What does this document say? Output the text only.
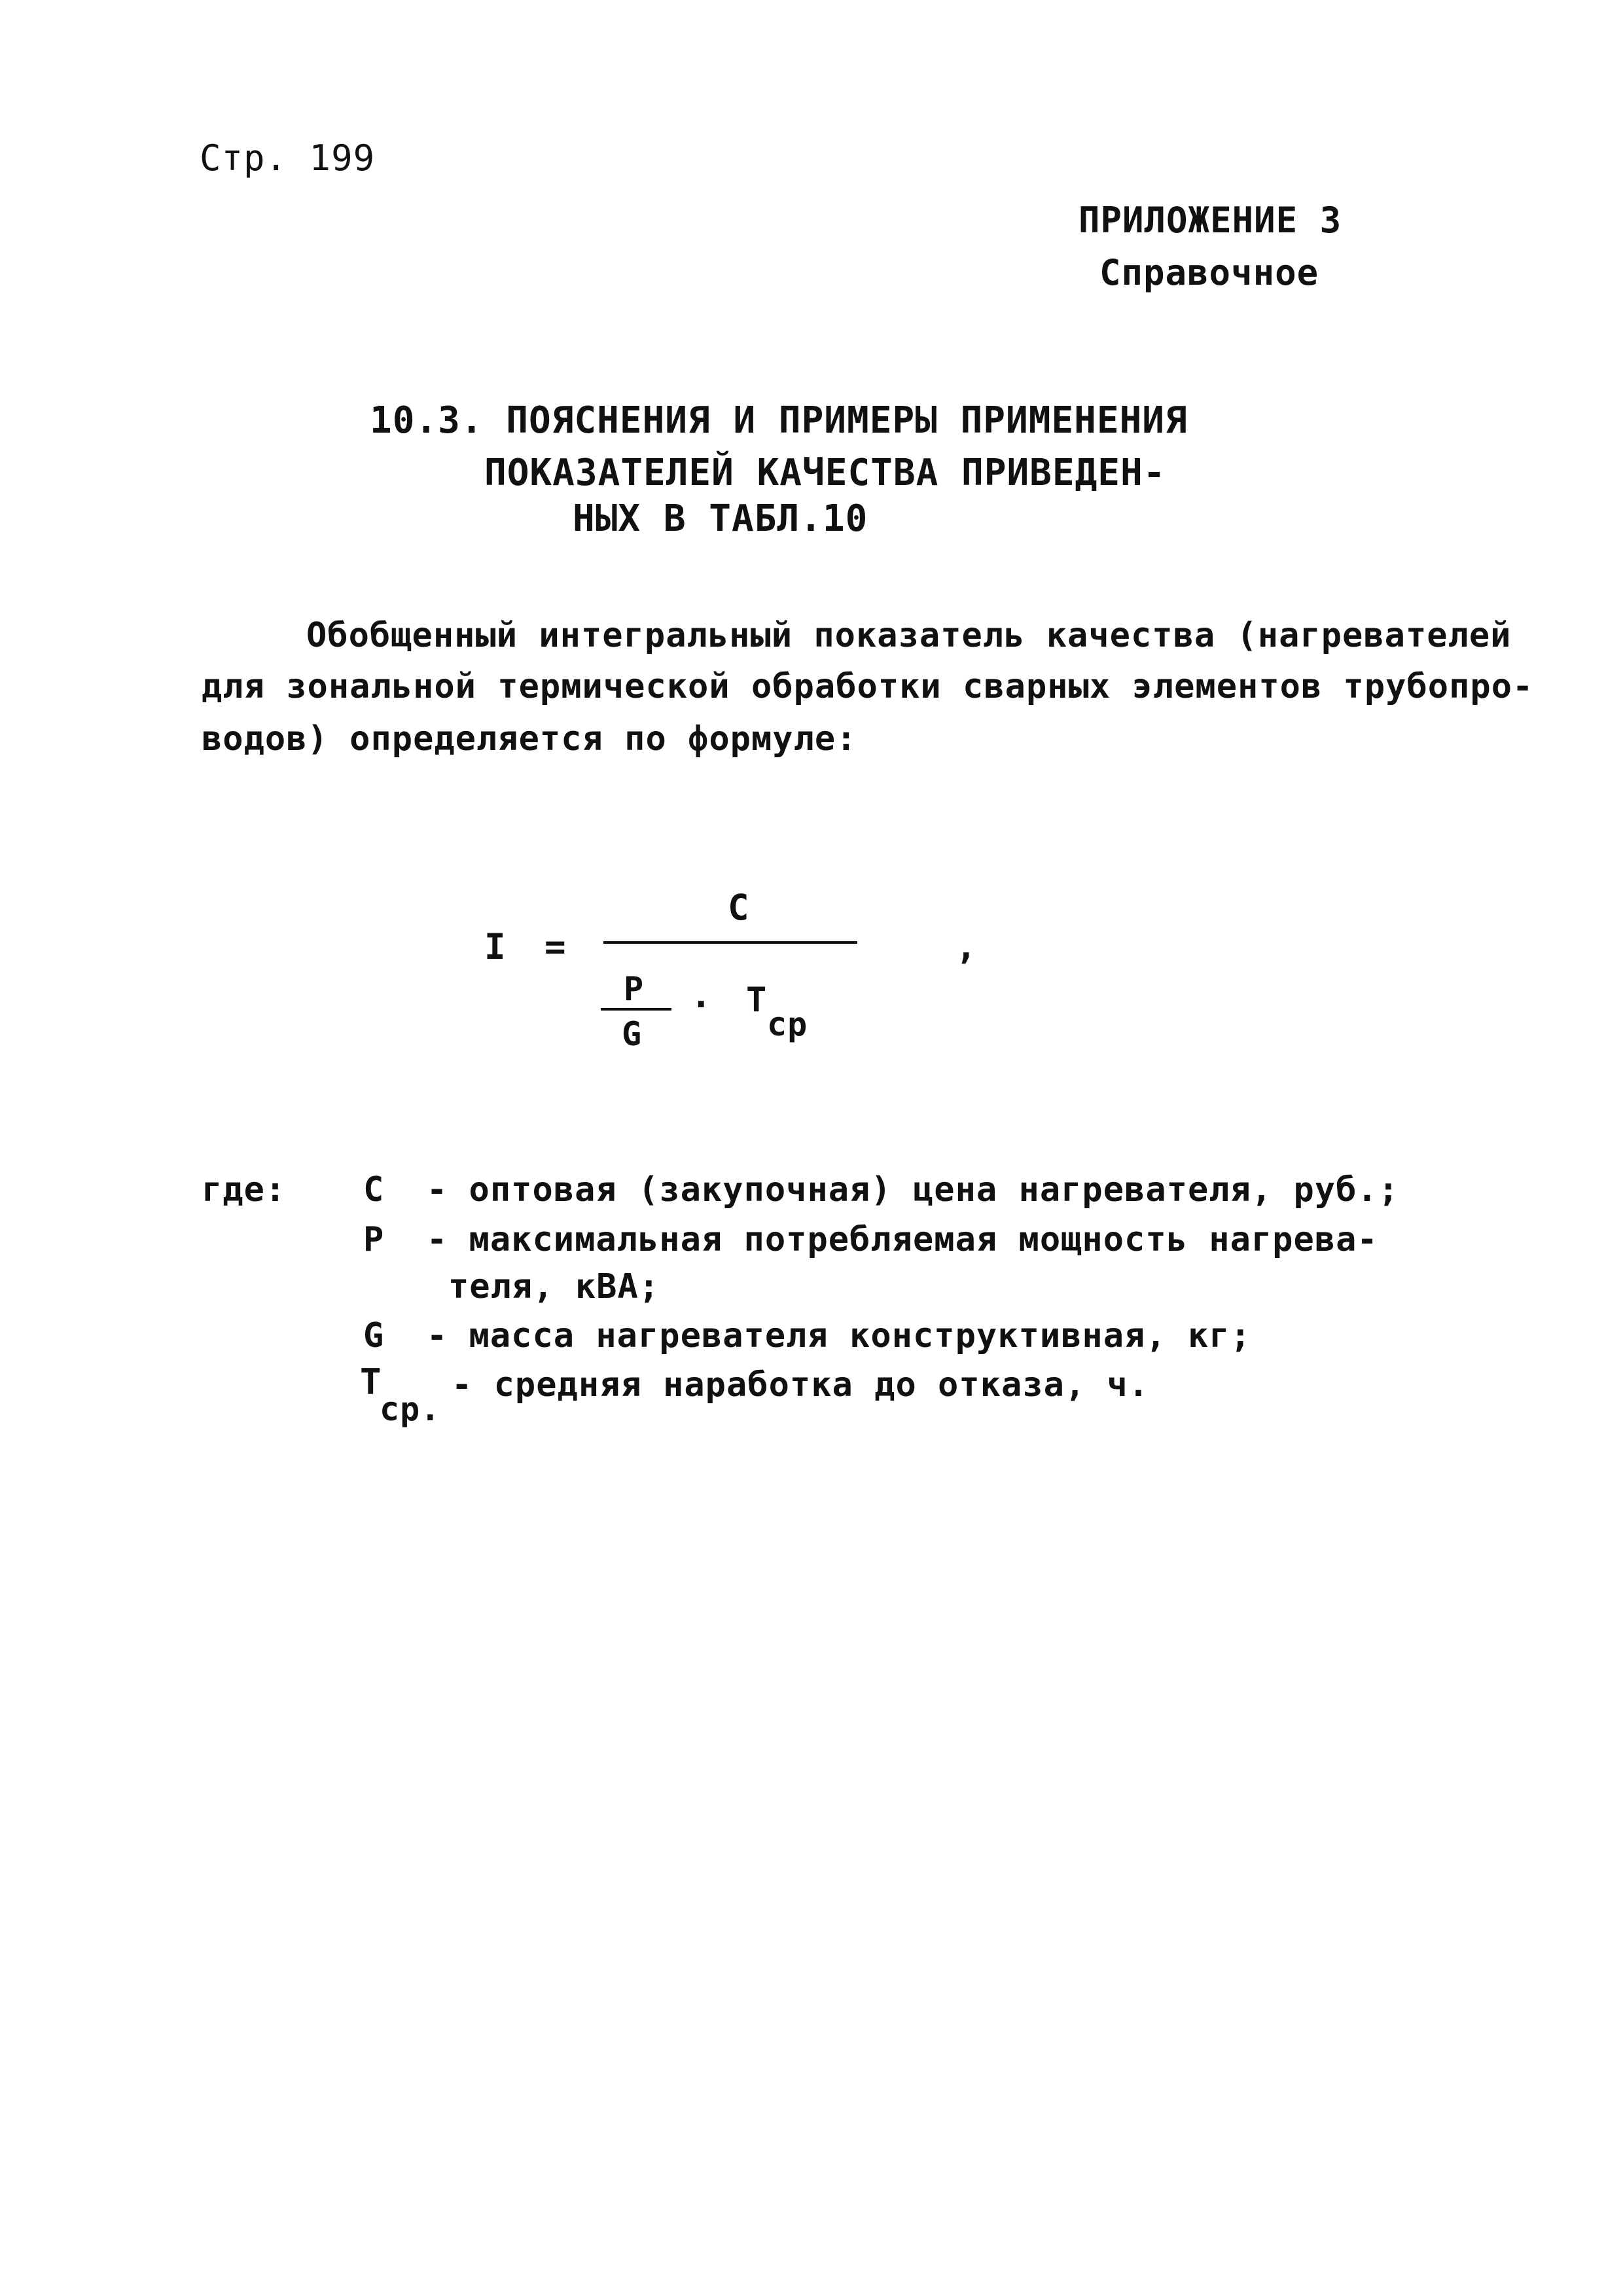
Стр. 199
ПРИЛОЖЕНИЕ 3
Справочное
10.3. ПОЯСНЕНИЯ И ПРИМЕРЫ ПРИМЕНЕНИЯ
ПОКАЗАТЕЛЕЙ КАЧЕСТВА ПРИВЕДЕН-
НЫХ В ТАБЛ.10
Обобщенный интегральный показатель качества (нагревателей
для зональной термической обработки сварных элементов трубопро-
водов) определяется по формуле:
I =
C
,
P
G
· T
cp
где: C  - оптовая (закупочная) цена нагревателя, руб.;
P  - максимальная потребляемая мощность нагрева-
теля, кВА;
G  - масса нагревателя конструктивная, кг;
T
ср.
- средняя наработка до отказа, ч.
